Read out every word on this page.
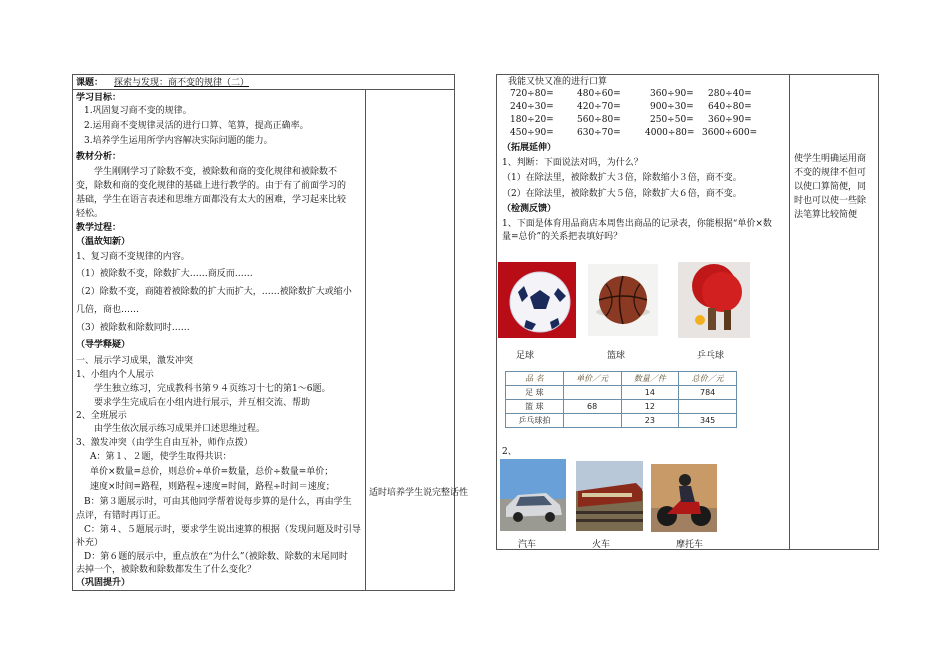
课题： 探索与发现：商不变的规律（二）
学习目标：
1.巩固复习商不变的规律。
2.运用商不变规律灵活的进行口算、笔算，提高正确率。
3.培养学生运用所学内容解决实际问题的能力。
教材分析：
学生刚刚学习了除数不变，被除数和商的变化规律和被除数不
变，除数和商的变化规律的基础上进行教学的。由于有了前面学习的
基础，学生在语言表述和思维方面都没有太大的困难，学习起来比较
轻松。
教学过程：
（温故知新）
1、复习商不变规律的内容。
（1）被除数不变，除数扩大……商反而……
（2）除数不变，商随着被除数的扩大而扩大，……被除数扩大或缩小
几倍，商也……
（3）被除数和除数同时……
（导学释疑）
一、展示学习成果，激发冲突
1、小组内个人展示
学生独立练习，完成教科书第９４页练习十七的第1～6题。
要求学生完成后在小组内进行展示，并互相交流、帮助
2、全班展示
由学生依次展示练习成果并口述思维过程。
3、激发冲突（由学生自由互补，师作点拨）
A：第１、２题，使学生取得共识：
单价×数量=总价，则总价÷单价=数量，总价÷数量=单价；
速度×时间=路程，则路程÷速度=时间，路程÷时间＝速度；
B：第３题展示时，可由其他同学帮着说每步算的是什么，再由学生
点评，有错时再订正。
C：第４、５题展示时，要求学生说出速算的根据（发现问题及时引导
补充）
D：第６题的展示中，重点放在“为什么”（被除数、除数的末尾同时
去掉一个，被除数和除数都发生了什么变化？
（巩固提升）
适时培养学生说完整话性
我能又快又准的进行口算
720÷80=	480÷60=	360÷90= 280÷40=
240÷30=	420÷70=	900÷30= 640÷80=
180÷20=	560÷80=	250÷50= 360÷90=
450÷90=	630÷70=	4000÷80= 3600÷600=
（拓展延伸）
1、判断：下面说法对吗，为什么？
（1）在除法里，被除数扩大３倍，除数缩小３倍，商不变。
（2）在除法里，被除数扩大５倍，除数扩大６倍，商不变。
（检测反馈）
1、下面是体育用品商店本周售出商品的记录表，你能根据“单价×数
量=总价”的关系把表填好吗？
足球	篮球	乒乓球
品 名	单价／元	数量／件	总价／元
足 球		14	784
篮 球	68	12	
乒乓球拍		23	345
2、
汽车	火车	摩托车
使学生明确运用商
不变的规律不但可
以使口算简便，同
时也可以使一些除
法笔算比较简便
